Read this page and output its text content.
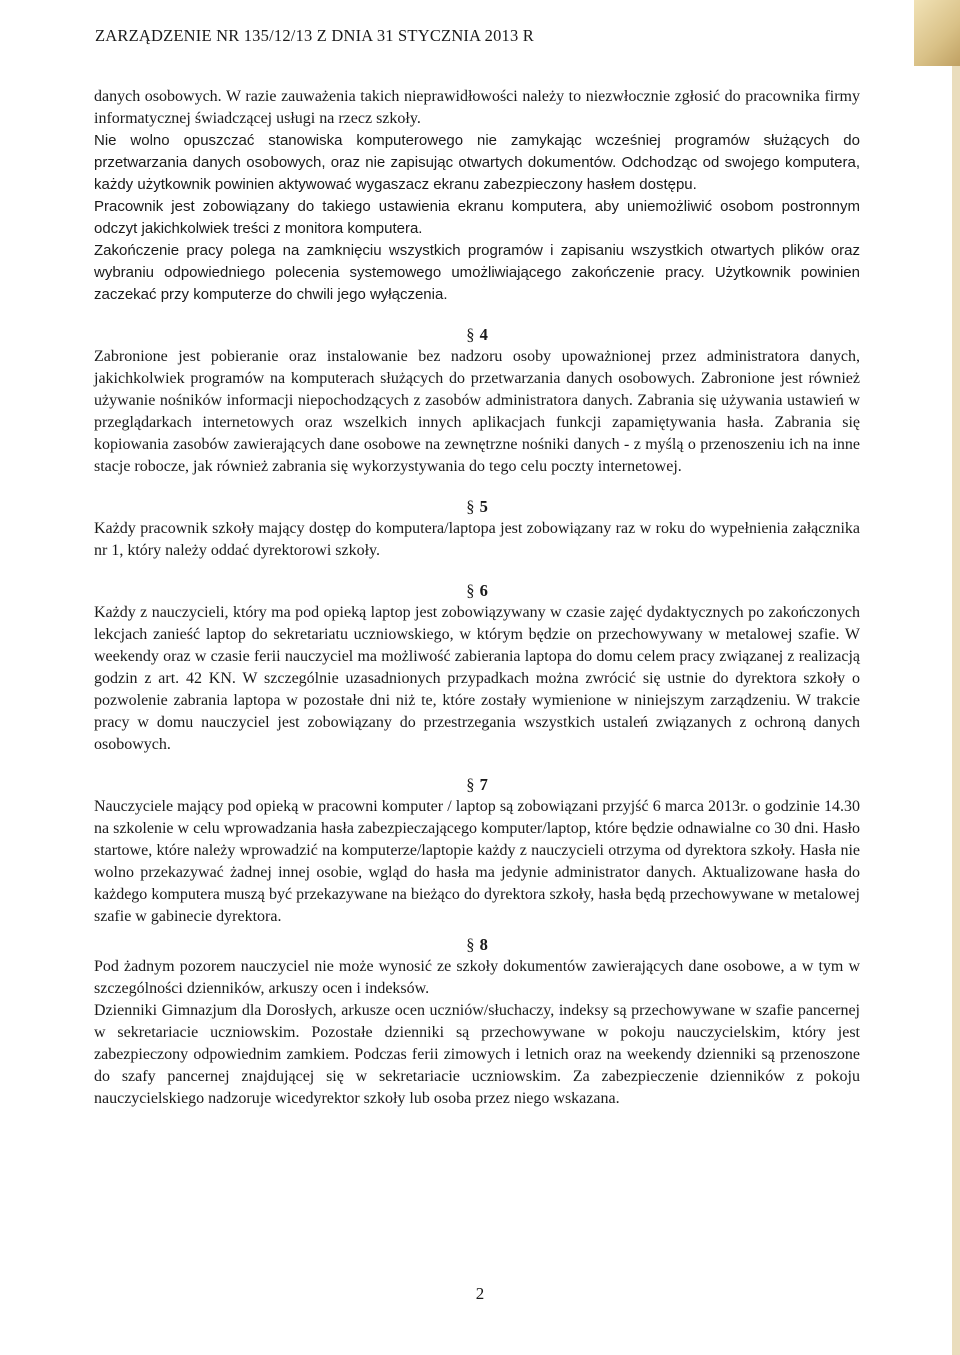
ZARZĄDZENIE NR 135/12/13 Z DNIA 31 STYCZNIA 2013 R

danych osobowych. W razie zauważenia takich nieprawidłowości należy to niezwłocznie zgłosić do pracownika firmy informatycznej świadczącej usługi na rzecz szkoły.

Nie wolno opuszczać stanowiska komputerowego nie zamykając wcześniej programów służących do przetwarzania danych osobowych, oraz nie zapisując otwartych dokumentów. Odchodząc od swojego komputera, każdy użytkownik powinien aktywować wygaszacz ekranu zabezpieczony hasłem dostępu.

Pracownik jest zobowiązany do takiego ustawienia ekranu komputera, aby uniemożliwić osobom postronnym odczyt jakichkolwiek treści z monitora komputera.

Zakończenie pracy polega na zamknięciu wszystkich programów i zapisaniu wszystkich otwartych plików oraz wybraniu odpowiedniego polecenia systemowego umożliwiającego zakończenie pracy. Użytkownik powinien zaczekać przy komputerze do chwili jego wyłączenia.

§ 4

Zabronione jest pobieranie oraz instalowanie bez nadzoru osoby upoważnionej przez administratora danych, jakichkolwiek programów na komputerach służących do przetwarzania danych osobowych. Zabronione jest również używanie nośników informacji niepochodzących z zasobów administratora danych. Zabrania się używania ustawień w przeglądarkach internetowych oraz wszelkich innych aplikacjach funkcji zapamiętywania hasła. Zabrania się kopiowania zasobów zawierających dane osobowe na zewnętrzne nośniki danych - z myślą o przenoszeniu ich na inne stacje robocze, jak również zabrania się wykorzystywania do tego celu poczty internetowej.

§ 5

Każdy pracownik szkoły mający dostęp do komputera/laptopa jest zobowiązany raz w roku do wypełnienia załącznika nr 1, który należy oddać dyrektorowi szkoły.

§ 6

Każdy z nauczycieli, który ma pod opieką laptop jest zobowiązywany w czasie zajęć dydaktycznych po zakończonych lekcjach zanieść laptop do sekretariatu uczniowskiego, w którym będzie on przechowywany w metalowej szafie. W weekendy oraz w czasie ferii nauczyciel ma możliwość zabierania laptopa do domu celem pracy związanej z realizacją godzin z art. 42 KN. W szczególnie uzasadnionych przypadkach można zwrócić się ustnie do dyrektora szkoły o pozwolenie zabrania laptopa w pozostałe dni niż te, które zostały wymienione w niniejszym zarządzeniu. W trakcie pracy w domu nauczyciel jest zobowiązany do przestrzegania wszystkich ustaleń związanych z ochroną danych osobowych.

§ 7

Nauczyciele mający pod opieką w pracowni komputer / laptop są zobowiązani przyjść 6 marca 2013r. o godzinie 14.30 na szkolenie w celu wprowadzania hasła zabezpieczającego komputer/laptop, które będzie odnawialne co 30 dni. Hasło startowe, które należy wprowadzić na komputerze/laptopie każdy z nauczycieli otrzyma od dyrektora szkoły. Hasła nie wolno przekazywać żadnej innej osobie, wgląd do hasła ma jedynie administrator danych. Aktualizowane hasła do każdego komputera muszą być przekazywane na bieżąco do dyrektora szkoły, hasła będą przechowywane w metalowej szafie w gabinecie dyrektora.

§ 8

Pod żadnym pozorem nauczyciel nie może wynosić ze szkoły dokumentów zawierających dane osobowe, a w tym w szczególności dzienników, arkuszy ocen i indeksów.

Dzienniki Gimnazjum dla Dorosłych, arkusze ocen uczniów/słuchaczy, indeksy są przechowywane w szafie pancernej w sekretariacie uczniowskim. Pozostałe dzienniki są przechowywane w pokoju nauczycielskim, który jest zabezpieczony odpowiednim zamkiem. Podczas ferii zimowych i letnich oraz na weekendy dzienniki są przenoszone do szafy pancernej znajdującej się w sekretariacie uczniowskim. Za zabezpieczenie dzienników z pokoju nauczycielskiego nadzoruje wicedyrektor szkoły lub osoba przez niego wskazana.

2
